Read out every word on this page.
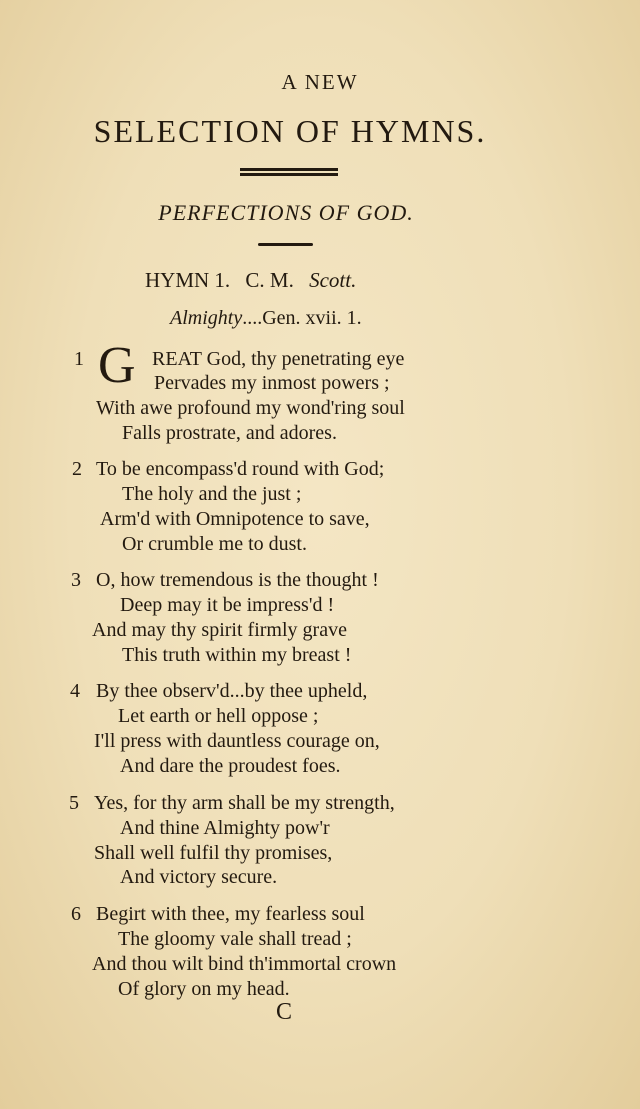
A NEW
SELECTION OF HYMNS.
PERFECTIONS OF GOD.
HYMN 1. C. M. Scott.
Almighty....Gen. xvii. 1.
G
1	REAT God, thy penetrating eye
Pervades my inmost powers ;
With awe profound my wond'ring soul
Falls prostrate, and adores.
2 To be encompass'd round with God;
The holy and the just ;
Arm'd with Omnipotence to save,
Or crumble me to dust.
3 O, how tremendous is the thought !
Deep may it be impress'd !
And may thy spirit firmly grave
This truth within my breast !
4 By thee observ'd...by thee upheld,
Let earth or hell oppose ;
I'll press with dauntless courage on,
And dare the proudest foes.
5 Yes, for thy arm shall be my strength,
And thine Almighty pow'r
Shall well fulfil thy promises,
And victory secure.
6 Begirt with thee, my fearless soul
The gloomy vale shall tread ;
And thou wilt bind th'immortal crown
Of glory on my head.
C
